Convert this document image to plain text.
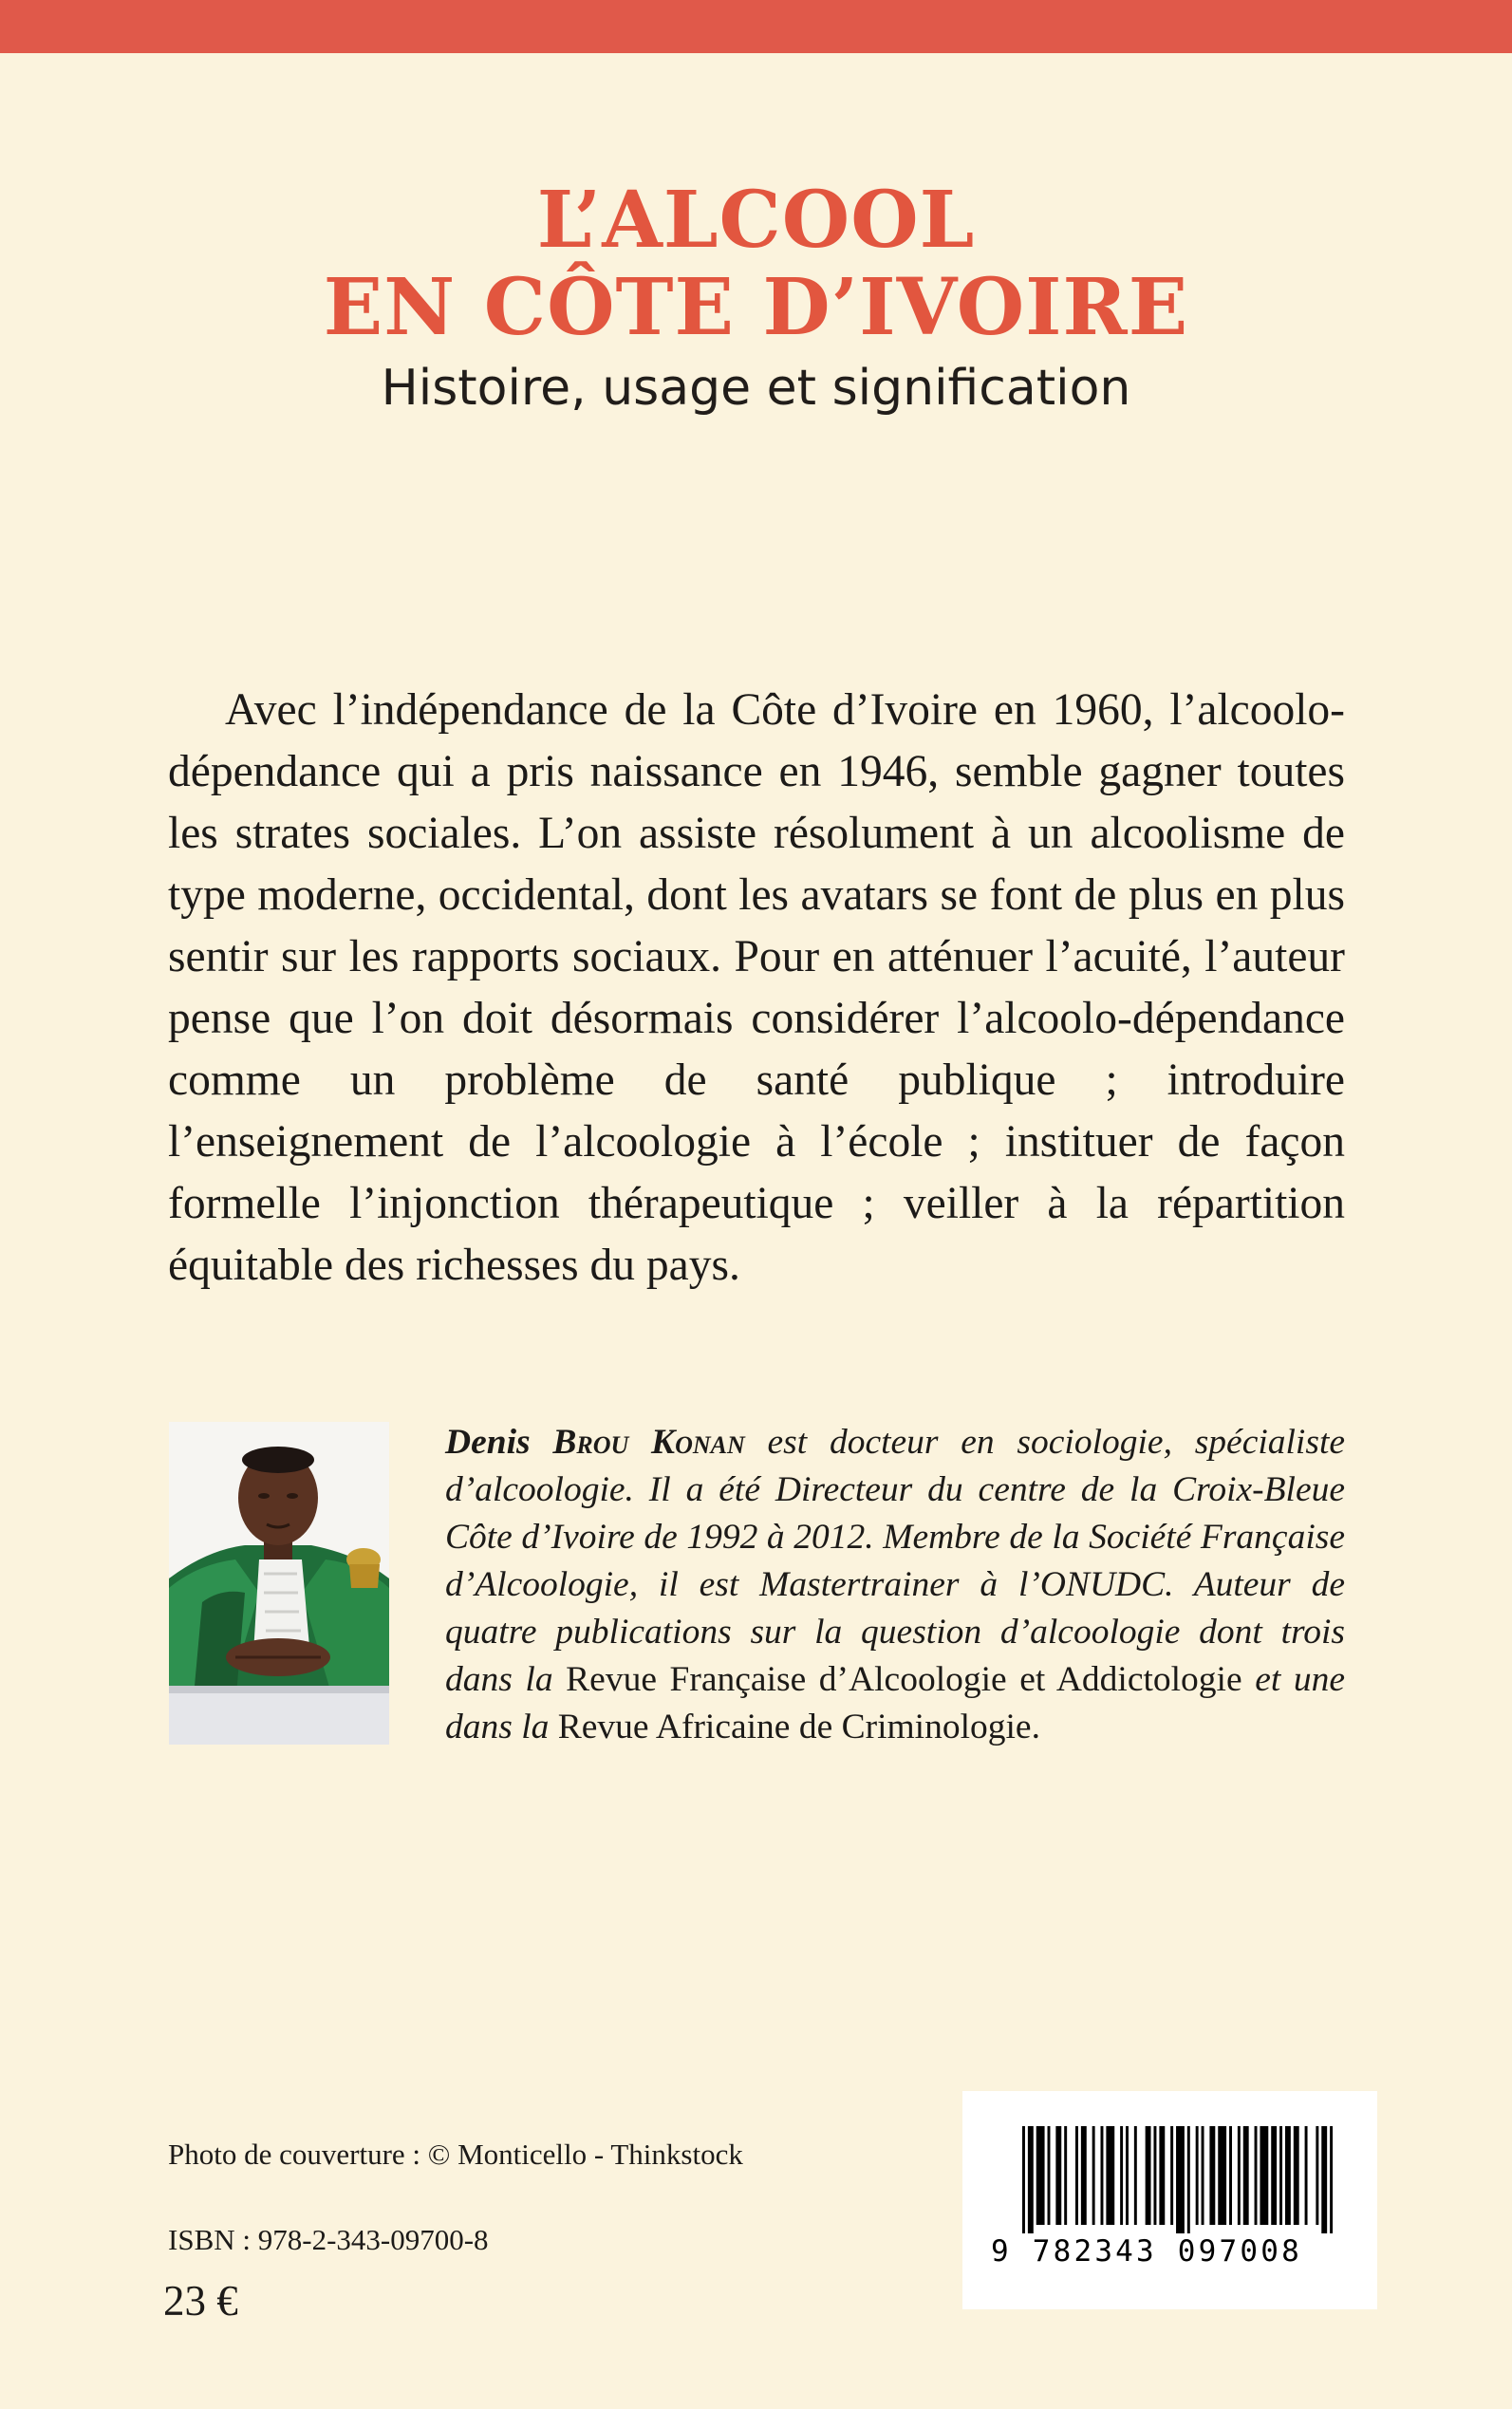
L’ALCOOL
EN CÔTE D’IVOIRE
Histoire, usage et signification
Avec l’indépendance de la Côte d’Ivoire en 1960, l’alcoolo-dépendance qui a pris naissance en 1946, semble gagner toutes les strates sociales. L’on assiste résolument à un alcoolisme de type moderne, occidental, dont les avatars se font de plus en plus sentir sur les rapports sociaux. Pour en atténuer l’acuité, l’auteur pense que l’on doit désormais considérer l’alcoolo-dépendance comme un problème de santé publique ; introduire l’enseignement de l’alcoologie à l’école ; instituer de façon formelle l’injonction thérapeutique ; veiller à la répartition équitable des richesses du pays.
Denis Brou Konan est docteur en sociologie, spécialiste d’alcoologie. Il a été Directeur du centre de la Croix-Bleue Côte d’Ivoire de 1992 à 2012. Membre de la Société Française d’Alcoologie, il est Mastertrainer à l’ONUDC. Auteur de quatre publications sur la question d’alcoologie dont trois dans la Revue Française d’Alcoologie et Addictologie et une dans la Revue Africaine de Criminologie.
Photo de couverture : © Monticello - Thinkstock
ISBN : 978-2-343-09700-8
23 €
9 782343 097008
